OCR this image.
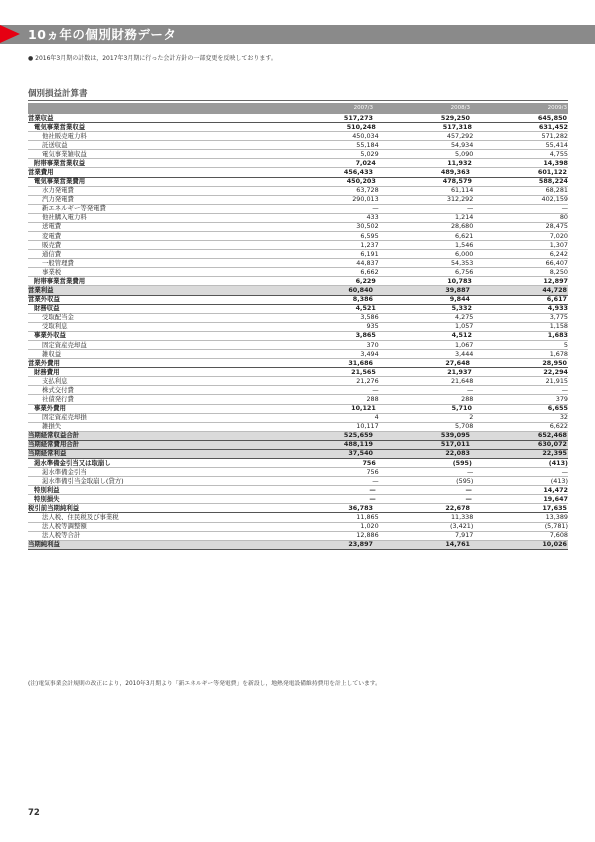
10ヵ年の個別財務データ
● 2016年3月期の計数は，2017年3月期に行った会計方針の一部変更を反映しております。
個別損益計算書
2007/3	2008/3	2009/3
営業収益	517,273	529,250	645,850
電気事業営業収益	510,248	517,318	631,452
他社販売電力料	450,034	457,292	571,282
託送収益	55,184	54,934	55,414
電気事業雑収益	5,029	5,090	4,755
附帯事業営業収益	7,024	11,932	14,398
営業費用	456,433	489,363	601,122
電気事業営業費用	450,203	478,579	588,224
水力発電費	63,728	61,114	68,281
汽力発電費	290,013	312,292	402,159
新エネルギー等発電費	—	—	—
他社購入電力料	433	1,214	80
送電費	30,502	28,680	28,475
変電費	6,595	6,621	7,020
販売費	1,237	1,546	1,307
通信費	6,191	6,000	6,242
一般管理費	44,837	54,353	66,407
事業税	6,662	6,756	8,250
附帯事業営業費用	6,229	10,783	12,897
営業利益	60,840	39,887	44,728
営業外収益	8,386	9,844	6,617
財務収益	4,521	5,332	4,933
受取配当金	3,586	4,275	3,775
受取利息	935	1,057	1,158
事業外収益	3,865	4,512	1,683
固定資産売却益	370	1,067	5
雑収益	3,494	3,444	1,678
営業外費用	31,686	27,648	28,950
財務費用	21,565	21,937	22,294
支払利息	21,276	21,648	21,915
株式交付費	—	—	—
社債発行費	288	288	379
事業外費用	10,121	5,710	6,655
固定資産売却損	4	2	32
雑損失	10,117	5,708	6,622
当期経常収益合計	525,659	539,095	652,468
当期経常費用合計	488,119	517,011	630,072
当期経常利益	37,540	22,083	22,395
渇水準備金引当又は取崩し	756	(595)	(413)
渇水準備金引当	756	—	—
渇水準備引当金取崩し(貸方)	—	(595)	(413)
特別利益	—	—	14,472
特別損失	—	—	19,647
税引前当期純利益	36,783	22,678	17,635
法人税、住民税及び事業税	11,865	11,338	13,389
法人税等調整額	1,020	(3,421)	(5,781)
法人税等合計	12,886	7,917	7,608
当期純利益	23,897	14,761	10,026
(注)電気事業会計規則の改正により，2010年3月期より「新エネルギー等発電費」を新設し，地熱発電設備維持費用を計上しています。
72
